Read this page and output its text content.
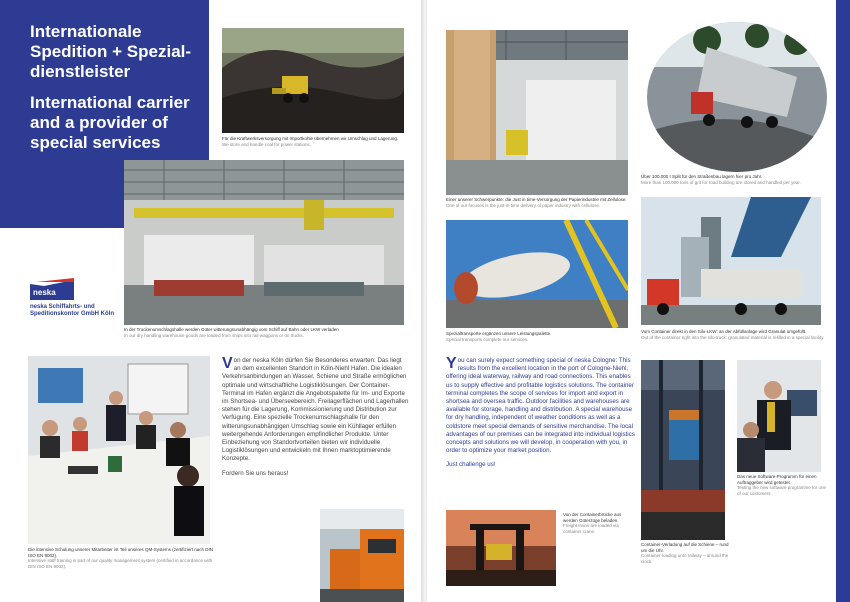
Internationale Spedition + Spezial-dienstleister
International carrier and a provider of special services	Für die Kraftwerksversorgung mit Importkohle übernehmen wir Umschlag und Lagerung.
We store and handle coal for power stations.
In der Trockenumschlagshalle werden Güter witterungsunabhängig vom Schiff auf Bahn oder LKW verladen
In our dry handling warehouse goods are loaded from ships into rail-waggons or on trucks.
neska
neska Schiffahrts- und Speditionskontor GmbH Köln
Die intensive Schulung unserer Mitarbeiter ist Teil unseres QM-Systems (zertifiziert nach DIN ISO EN 9002).
Intensive staff training is part of our quality management system (certified in accordance with DIN ISO EN 9002).
V on der neska Köln dürfen Sie Besonderes erwarten: Das liegt an dem excellenten Standort in Köln-Niehl Hafen. Die idealen Verkehrsanbindungen an Wasser, Schiene und Straße ermöglichen optimale und wirtschaftliche Logistiklösungen. Der Container-Terminal im Hafen ergänzt die Angebotspalette für Im- und Exporte im Shortsea- und Überseebereich. Freilagerflächen und Lagerhallen stehen für die Lagerung, Kommissionierung und Distribution zur Verfügung. Eine spezielle Trockenumschlagshalle für den witterungsunabhängigen Umschlag sowie ein Kühllager erfüllen weitergehende Anforderungen empfindlicher Produkte. Unter Einbeziehung von Standortvorteilen bieten wir individuelle Logistiklösungen und entwickeln mit Ihnen marktoptimierende Konzepte.
Fordern Sie uns heraus!
Einer unserer Schwerpunkte: die Just in time-Versorgung der Papierindustrie mit Zellulose.
One of our focuses is the just-in-time delivery of paper industry with cellulose.
Über 100.000 t Split für den Straßenbau lagern hier pro Jahr.
More than 100.000 tons of grit for road building are stored and handled per year.
Spezialtransporte ergänzen unsere Leistungspalette.
Special transports complete our services.
Vom Container direkt in den Silo-LKW: an der Abfüllanlage wird Granulat umgefüllt.
Out of the container right into the silo-truck: granulated material is refilled in a special facility.
Y ou can surely expect something special of neska Cologne: This results from the excellent location in the port of Cologne-Niehl, offering ideal waterway, railway and road connections. This enables us to supply effective and profitable logistics solutions. The container terminal completes the scope of services for import and export in shortsea and oversea traffic. Outdoor facilities and warehouses are available for storage, handling and distribution. A special warehouse for dry handling, independent of weather conditions as well as a coldstore meet special demands of sensitive merchandise. The local advantages of our premises can be integrated into individual logistics concepts and solutions we will develop, in cooperation with you, in order to optimize your market position.
Just challenge us!
Von der Containerbrücke aus werden Güterzüge beladen.
Freight trains are loaded via container crane.
Container-Verladung auf die Schiene – rund um die Uhr.
Container-loading onto railway – around the clock.
Das neue Software-Programm für einen Auftraggeber wird getestet.
Testing the new software programme for one of our customers.
